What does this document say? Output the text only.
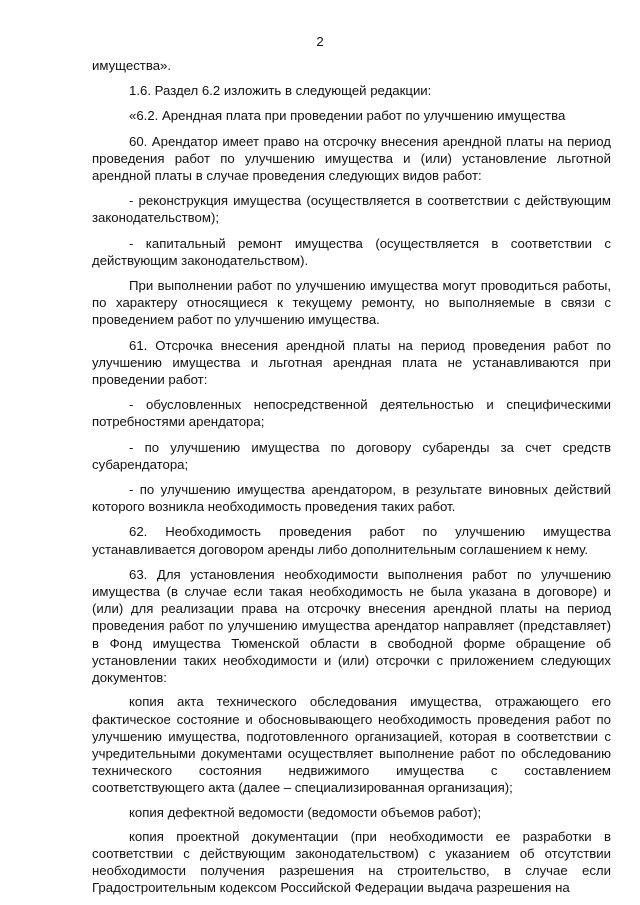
2

имущества».

1.6. Раздел 6.2 изложить в следующей редакции:

«6.2. Арендная плата при проведении работ по улучшению имущества

60. Арендатор имеет право на отсрочку внесения арендной платы на период проведения работ по улучшению имущества и (или) установление льготной арендной платы в случае проведения следующих видов работ:

- реконструкция имущества (осуществляется в соответствии с действующим законодательством);

- капитальный ремонт имущества (осуществляется в соответствии с действующим законодательством).

При выполнении работ по улучшению имущества могут проводиться работы, по характеру относящиеся к текущему ремонту, но выполняемые в связи с проведением работ по улучшению имущества.

61. Отсрочка внесения арендной платы на период проведения работ по улучшению имущества и льготная арендная плата не устанавливаются при проведении работ:

- обусловленных непосредственной деятельностью и специфическими потребностями арендатора;

- по улучшению имущества по договору субаренды за счет средств субарендатора;

- по улучшению имущества арендатором, в результате виновных действий которого возникла необходимость проведения таких работ.

62. Необходимость проведения работ по улучшению имущества устанавливается договором аренды либо дополнительным соглашением к нему.

63. Для установления необходимости выполнения работ по улучшению имущества (в случае если такая необходимость не была указана в договоре) и (или) для реализации права на отсрочку внесения арендной платы на период проведения работ по улучшению имущества арендатор направляет (представляет) в Фонд имущества Тюменской области в свободной форме обращение об установлении таких необходимости и (или) отсрочки с приложением следующих документов:

копия акта технического обследования имущества, отражающего его фактическое состояние и обосновывающего необходимость проведения работ по улучшению имущества, подготовленного организацией, которая в соответствии с учредительными документами осуществляет выполнение работ по обследованию технического состояния недвижимого имущества с составлением соответствующего акта (далее – специализированная организация);

копия дефектной ведомости (ведомости объемов работ);

копия проектной документации (при необходимости ее разработки в соответствии с действующим законодательством) с указанием об отсутствии необходимости получения разрешения на строительство, в случае если Градостроительным кодексом Российской Федерации выдача разрешения на
